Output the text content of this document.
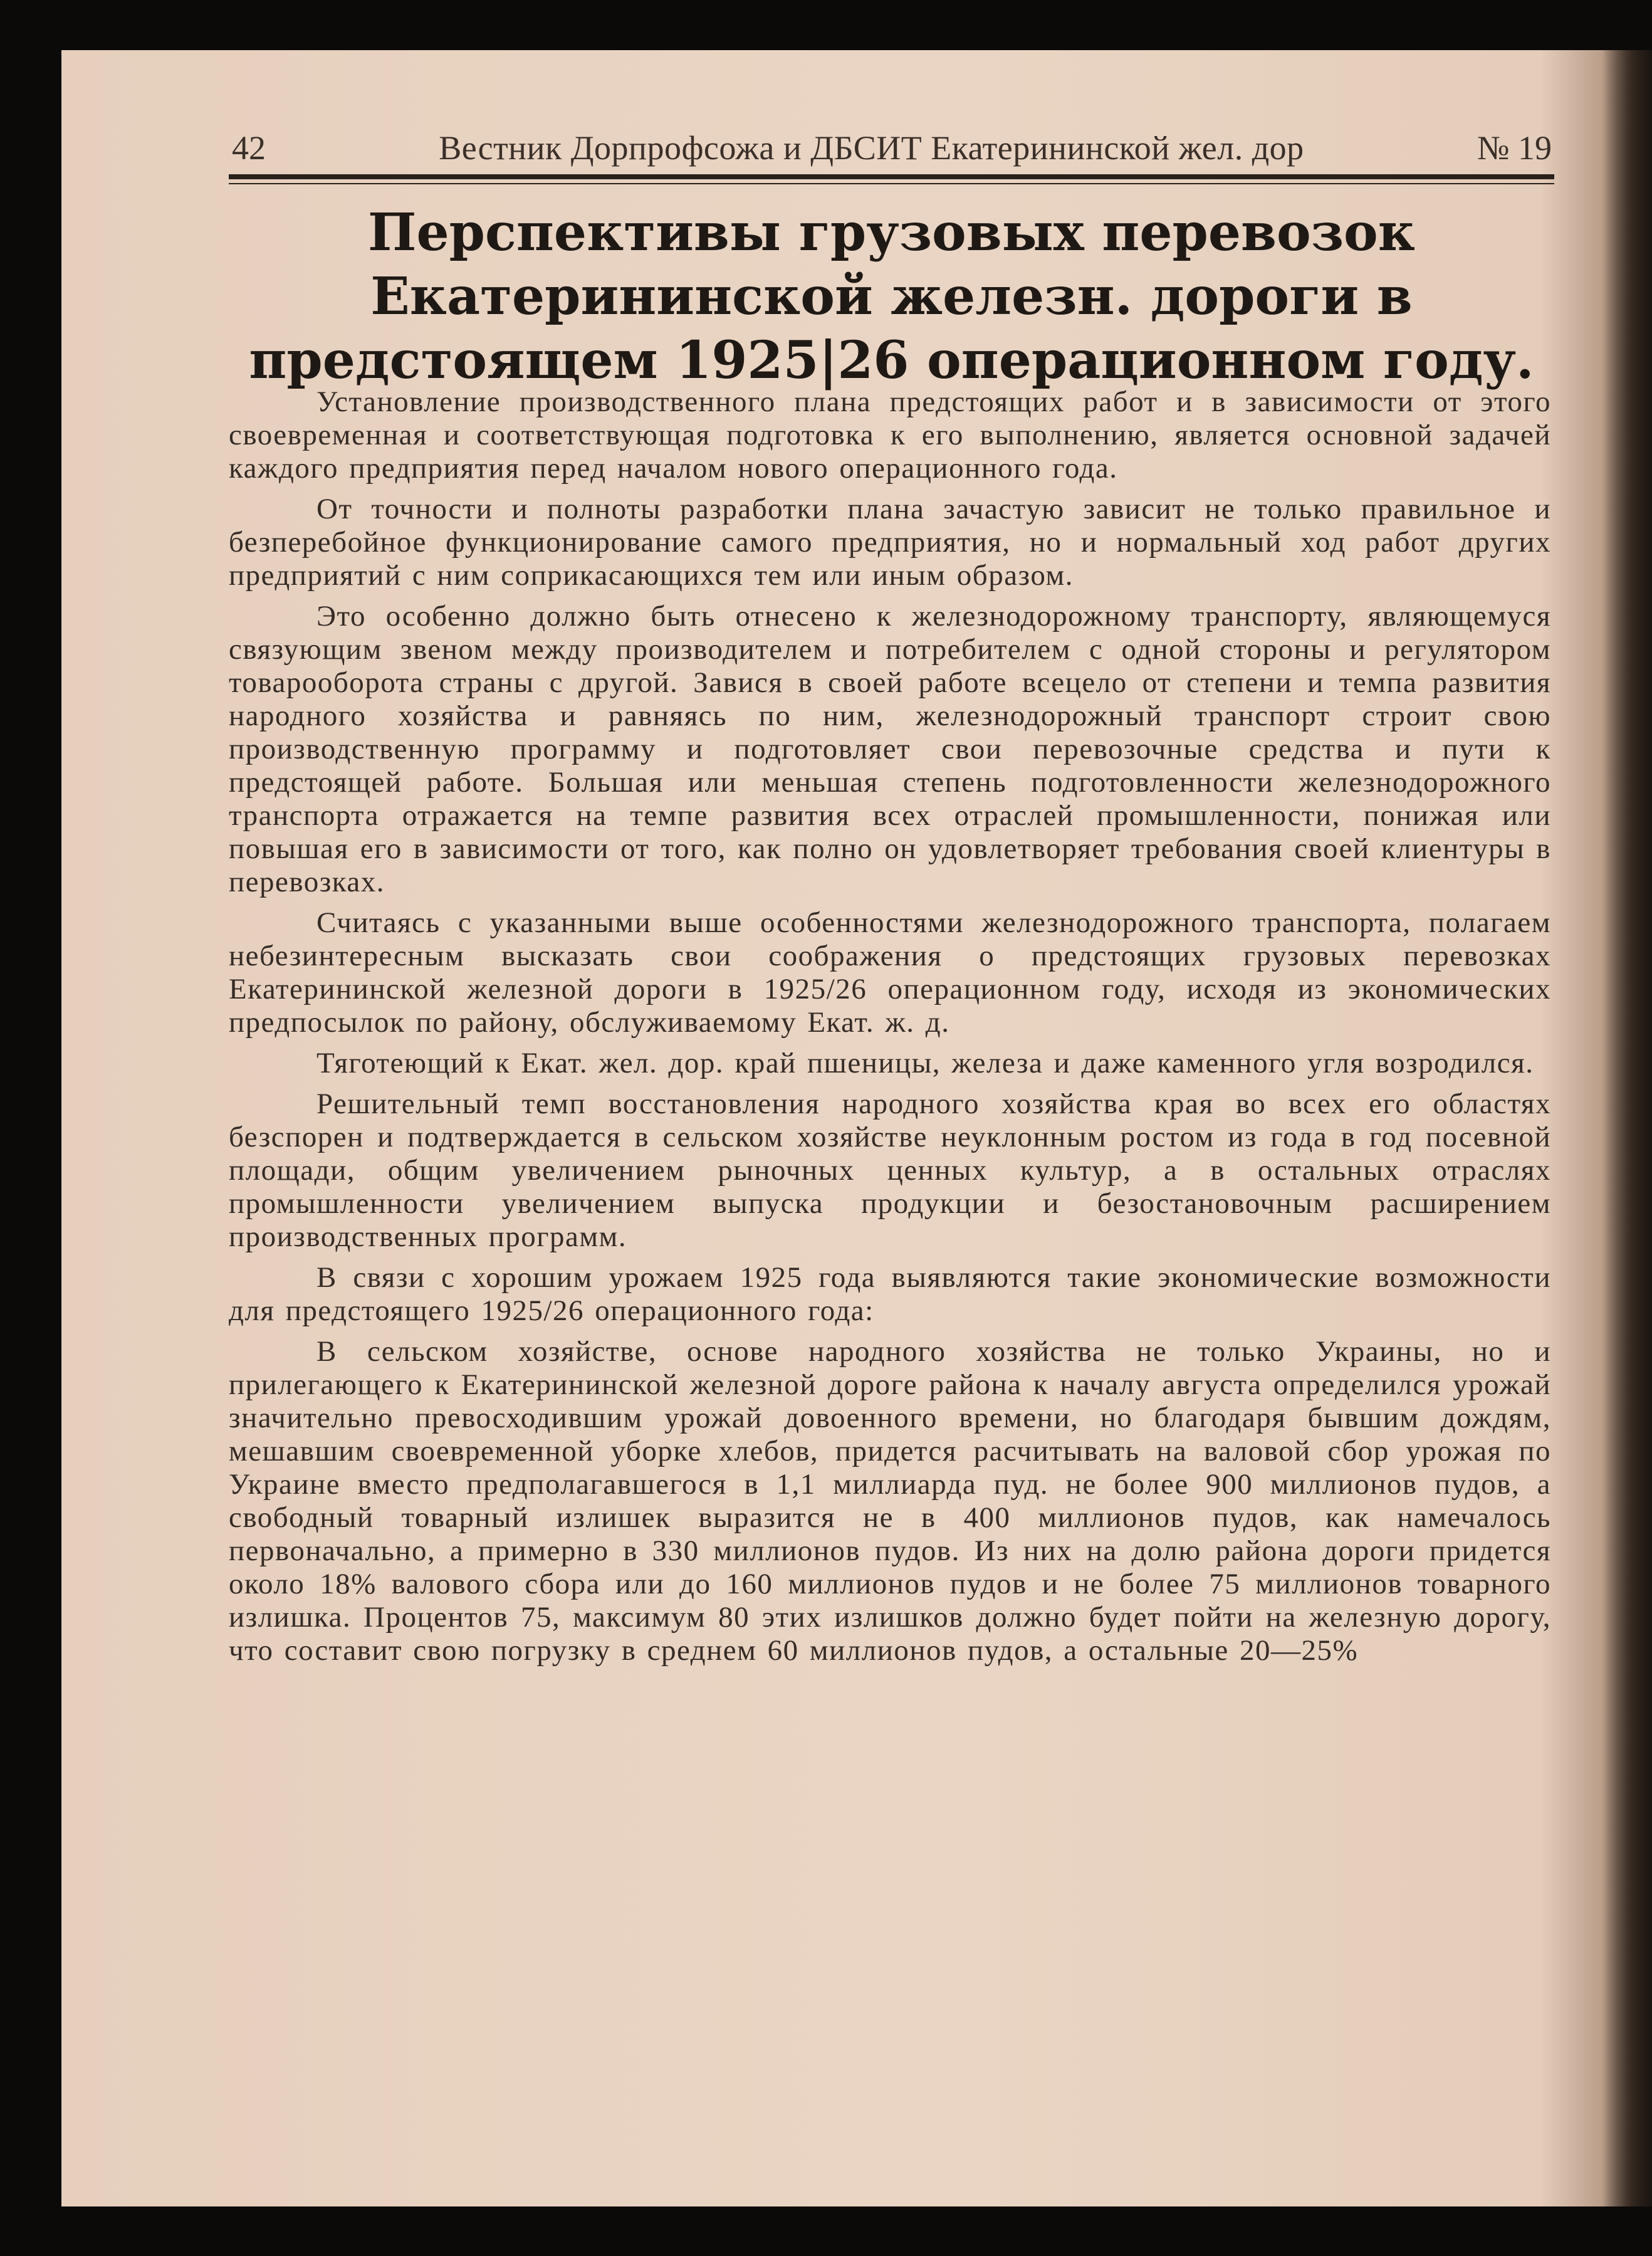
42	Вестник Дорпрофсожа и ДБСИТ Екатерининской жел. дор	№ 19
Перспективы грузовых перевозок Екатерининской железн. дороги в предстоящем 1925|26 операционном году.

Установление производственного плана предстоящих работ и в зависимости от этого своевременная и соответствующая подготовка к его выполнению, является основной задачей каждого предприятия перед началом нового операционного года.

От точности и полноты разработки плана зачастую зависит не только правильное и безперебойное функционирование самого предприятия, но и нормальный ход работ других предприятий с ним соприкасающихся тем или иным образом.

Это особенно должно быть отнесено к железнодорожному транспорту, являющемуся связующим звеном между производителем и потребителем с одной стороны и регулятором товарооборота страны с другой. Завися в своей работе всецело от степени и темпа развития народного хозяйства и равняясь по ним, железнодорожный транспорт строит свою производственную программу и подготовляет свои перевозочные средства и пути к предстоящей работе. Большая или меньшая степень подготовленности железнодорожного транспорта отражается на темпе развития всех отраслей промышленности, понижая или повышая его в зависимости от того, как полно он удовлетворяет требования своей клиентуры в перевозках.

Считаясь с указанными выше особенностями железнодорожного транспорта, полагаем небезинтересным высказать свои соображения о предстоящих грузовых перевозках Екатерининской железной дороги в 1925/26 операционном году, исходя из экономических предпосылок по району, обслуживаемому Екат. ж. д.

Тяготеющий к Екат. жел. дор. край пшеницы, железа и даже каменного угля возродился.

Решительный темп восстановления народного хозяйства края во всех его областях безспорен и подтверждается в сельском хозяйстве неуклонным ростом из года в год посевной площади, общим увеличением рыночных ценных культур, а в остальных отраслях промышленности увеличением выпуска продукции и безостановочным расширением производственных программ.

В связи с хорошим урожаем 1925 года выявляются такие экономические возможности для предстоящего 1925/26 операционного года:

В сельском хозяйстве, основе народного хозяйства не только Украины, но и прилегающего к Екатерининской железной дороге района к началу августа определился урожай значительно превосходившим урожай довоенного времени, но благодаря бывшим дождям, мешавшим своевременной уборке хлебов, придется расчитывать на валовой сбор урожая по Украине вместо предполагавшегося в 1,1 миллиарда пуд. не более 900 миллионов пудов, а свободный товарный излишек выразится не в 400 миллионов пудов, как намечалось первоначально, а примерно в 330 миллионов пудов. Из них на долю района дороги придется около 18% валового сбора или до 160 миллионов пудов и не более 75 миллионов товарного излишка. Процентов 75, максимум 80 этих излишков должно будет пойти на железную дорогу, что составит свою погрузку в среднем 60 миллионов пудов, а остальные 20—25%
